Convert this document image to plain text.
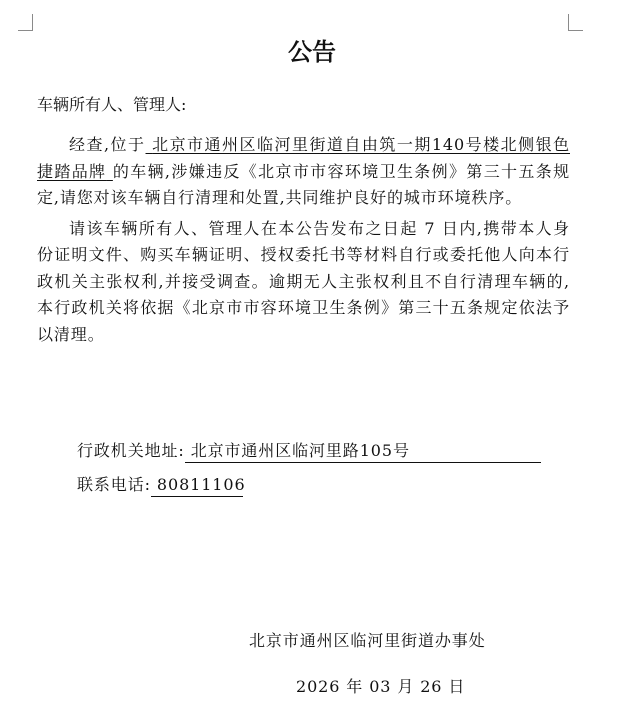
公告
车辆所有人、管理人:

经查,位于 北京市通州区临河里街道自由筑一期140号楼北侧银色捷踏品牌 的车辆,涉嫌违反《北京市市容环境卫生条例》第三十五条规定,请您对该车辆自行清理和处置,共同维护良好的城市环境秩序。

请该车辆所有人、管理人在本公告发布之日起 7 日内,携带本人身份证明文件、购买车辆证明、授权委托书等材料自行或委托他人向本行政机关主张权利,并接受调查。逾期无人主张权利且不自行清理车辆的,本行政机关将依据《北京市市容环境卫生条例》第三十五条规定依法予以清理。

行政机关地址: 北京市通州区临河里路105号
联系电话: 80811106
北京市通州区临河里街道办事处
2026 年 03 月 26 日
